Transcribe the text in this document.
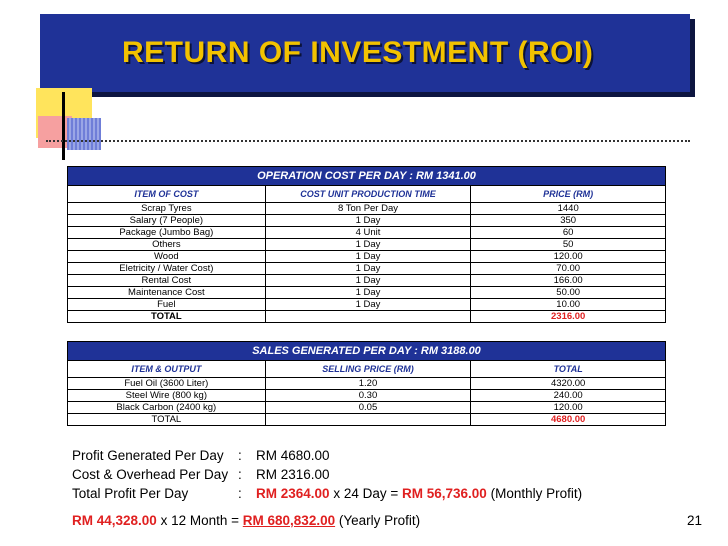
RETURN OF INVESTMENT (ROI)
OPERATION COST PER DAY : RM 1341.00		
ITEM OF COST	COST UNIT PRODUCTION TIME	PRICE (RM)
Scrap Tyres	8 Ton Per Day	1440
Salary (7 People)	1 Day	350
Package (Jumbo Bag)	4 Unit	60
Others	1 Day	50
Wood	1 Day	120.00
Eletricity / Water Cost)	1 Day	70.00
Rental Cost	1 Day	166.00
Maintenance Cost	1 Day	50.00
Fuel	1 Day	10.00
TOTAL		2316.00
SALES GENERATED PER DAY : RM 3188.00		
ITEM & OUTPUT	SELLING PRICE (RM)	TOTAL
Fuel Oil (3600 Liter)	1.20	4320.00
Steel Wire (800 kg)	0.30	240.00
Black Carbon (2400 kg)	0.05	120.00
TOTAL		4680.00
Profit Generated Per Day	:	RM 4680.00
Cost & Overhead Per Day :	RM 2316.00
Total Profit Per Day	:	RM 2364.00
x 24 Day =
RM 56,736.00
(Monthly Profit)
RM 44,328.00 x 12 Month = RM 680,832.00 (Yearly Profit)	21
